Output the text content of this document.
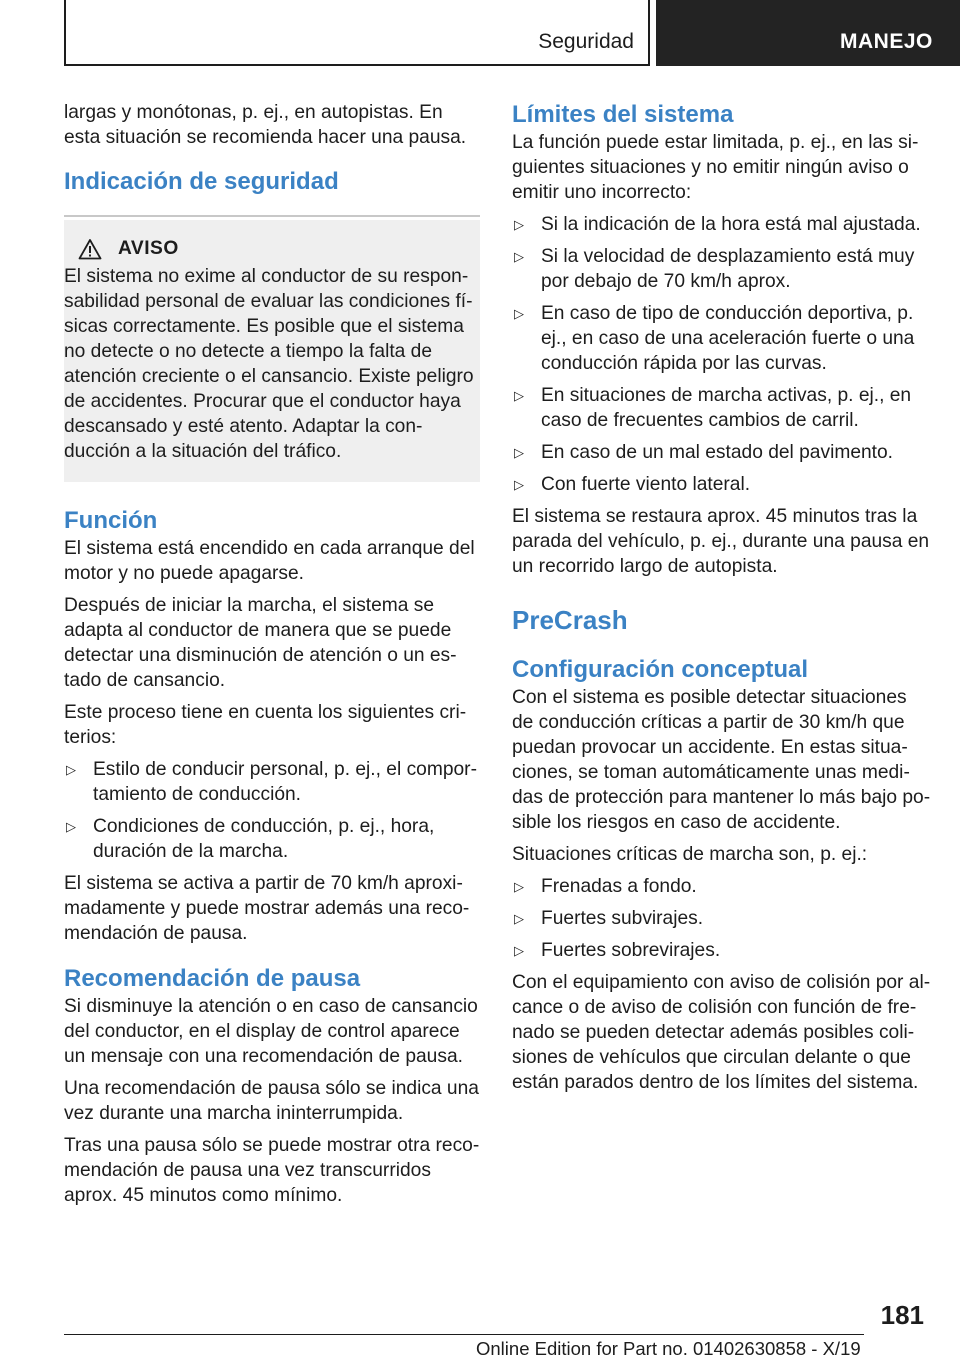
Seguridad	MANEJO

largas y monótonas, p. ej., en autopistas. En esta situación se recomienda hacer una pausa.

Indicación de seguridad
AVISO

El sistema no exime al conductor de su responsabilidad personal de evaluar las condiciones físicas correctamente. Es posible que el sistema no detecte o no detecte a tiempo la falta de atención creciente o el cansancio. Existe peligro de accidentes. Procurar que el conductor haya descansado y esté atento. Adaptar la conducción a la situación del tráfico.

Función

El sistema está encendido en cada arranque del motor y no puede apagarse.

Después de iniciar la marcha, el sistema se adapta al conductor de manera que se puede detectar una disminución de atención o un estado de cansancio.

Este proceso tiene en cuenta los siguientes criterios:

▷ Estilo de conducir personal, p. ej., el comportamiento de conducción.
▷ Condiciones de conducción, p. ej., hora, duración de la marcha.

El sistema se activa a partir de 70 km/h aproximadamente y puede mostrar además una recomendación de pausa.

Recomendación de pausa

Si disminuye la atención o en caso de cansancio del conductor, en el display de control aparece un mensaje con una recomendación de pausa.

Una recomendación de pausa sólo se indica una vez durante una marcha ininterrumpida.

Tras una pausa sólo se puede mostrar otra recomendación de pausa una vez transcurridos aprox. 45 minutos como mínimo.

Límites del sistema

La función puede estar limitada, p. ej., en las siguientes situaciones y no emitir ningún aviso o emitir uno incorrecto:

▷ Si la indicación de la hora está mal ajustada.
▷ Si la velocidad de desplazamiento está muy por debajo de 70 km/h aprox.
▷ En caso de tipo de conducción deportiva, p. ej., en caso de una aceleración fuerte o una conducción rápida por las curvas.
▷ En situaciones de marcha activas, p. ej., en caso de frecuentes cambios de carril.
▷ En caso de un mal estado del pavimento.
▷ Con fuerte viento lateral.

El sistema se restaura aprox. 45 minutos tras la parada del vehículo, p. ej., durante una pausa en un recorrido largo de autopista.

PreCrash
Configuración conceptual

Con el sistema es posible detectar situaciones de conducción críticas a partir de 30 km/h que puedan provocar un accidente. En estas situaciones, se toman automáticamente unas medidas de protección para mantener lo más bajo posible los riesgos en caso de accidente.

Situaciones críticas de marcha son, p. ej.:

▷ Frenadas a fondo.
▷ Fuertes subvirajes.
▷ Fuertes sobrevirajes.

Con el equipamiento con aviso de colisión por alcance o de aviso de colisión con función de frenado se pueden detectar además posibles colisiones de vehículos que circulan delante o que están parados dentro de los límites del sistema.

181
Online Edition for Part no. 01402630858 - X/19
